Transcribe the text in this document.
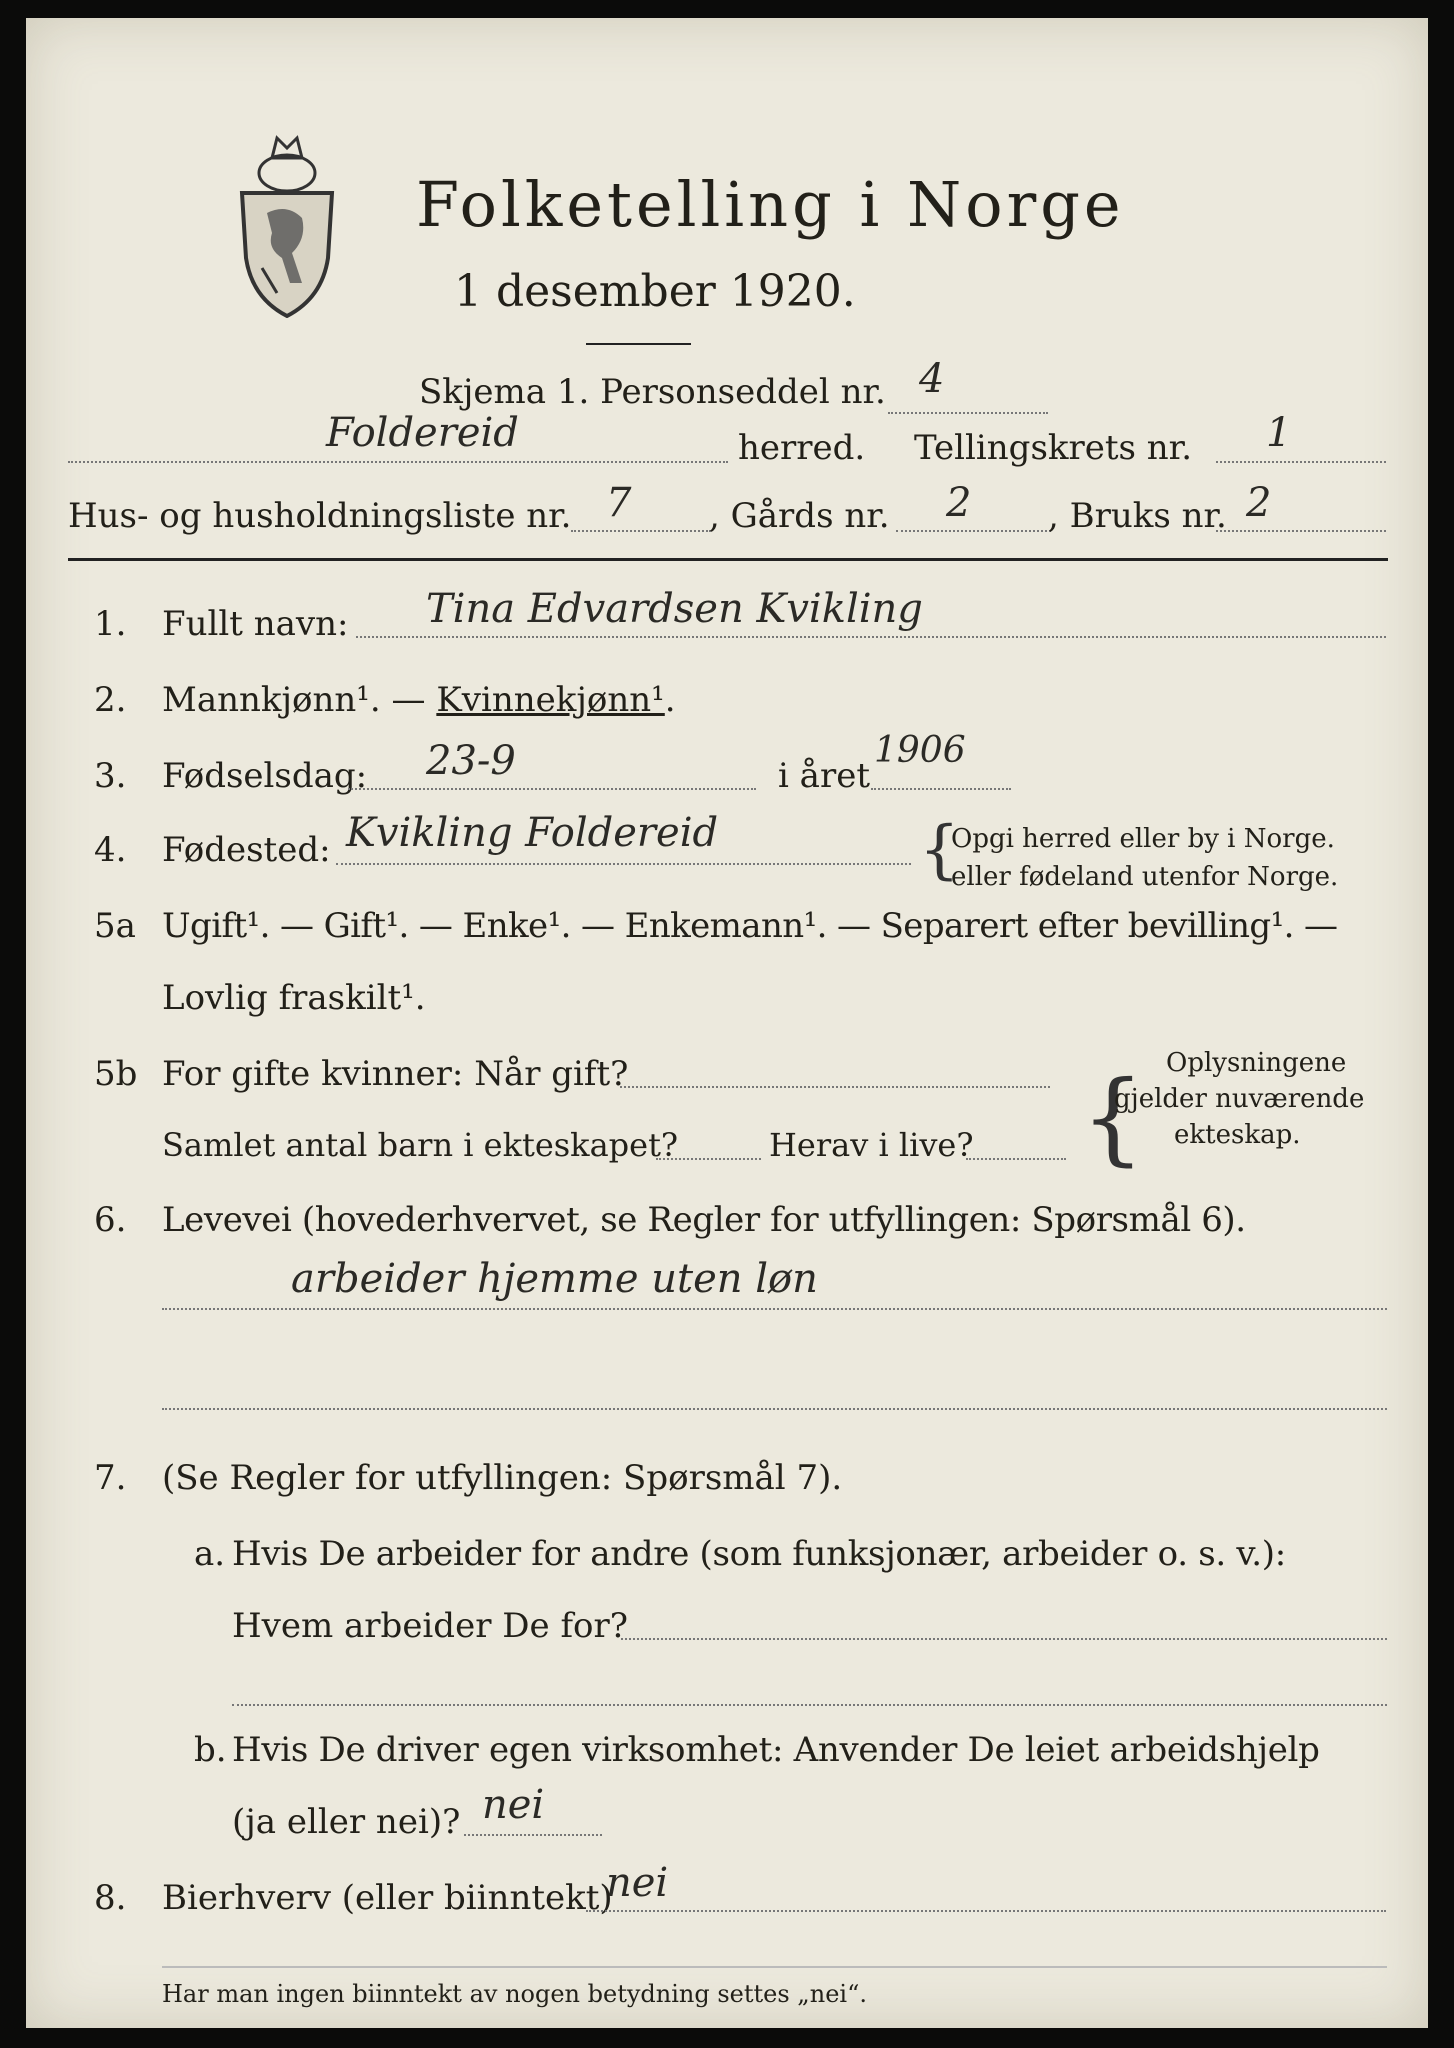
Folketelling i Norge
1 desember 1920.
Skjema 1. Personseddel nr. 4
Foldereid	herred. Tellingskrets nr. 1
Hus- og husholdningsliste nr. 7 , Gårds nr. 2 , Bruks nr. 2
1. Fullt navn: Tina Edvardsen Kvikling
2. Mannkjønn¹. — Kvinnekjønn¹.
3. Fødselsdag: 23-9	i året
1906
4. Fødested: Kvikling Foldereid	{
Opgi herred eller by i Norge.
eller fødeland utenfor Norge.
5a Ugift¹. — Gift¹. — Enke¹. — Enkemann¹. — Separert efter bevilling¹. —
Lovlig fraskilt¹.
5b For gifte kvinner: Når gift?
Samlet antal barn i ekteskapet?	Herav i live? { Oplysningene
gjelder nuværende
ekteskap.
6. Levevei (hovederhvervet, se Regler for utfyllingen: Spørsmål 6).
arbeider hjemme uten løn
7. (Se Regler for utfyllingen: Spørsmål 7).
a. Hvis De arbeider for andre (som funksjonær, arbeider o. s. v.):
Hvem arbeider De for?
b. Hvis De driver egen virksomhet: Anvender De leiet arbeidshjelp
(ja eller nei)? nei
8. Bierhverv (eller biinntekt)
nei
Har man ingen biinntekt av nogen betydning settes „nei“.
